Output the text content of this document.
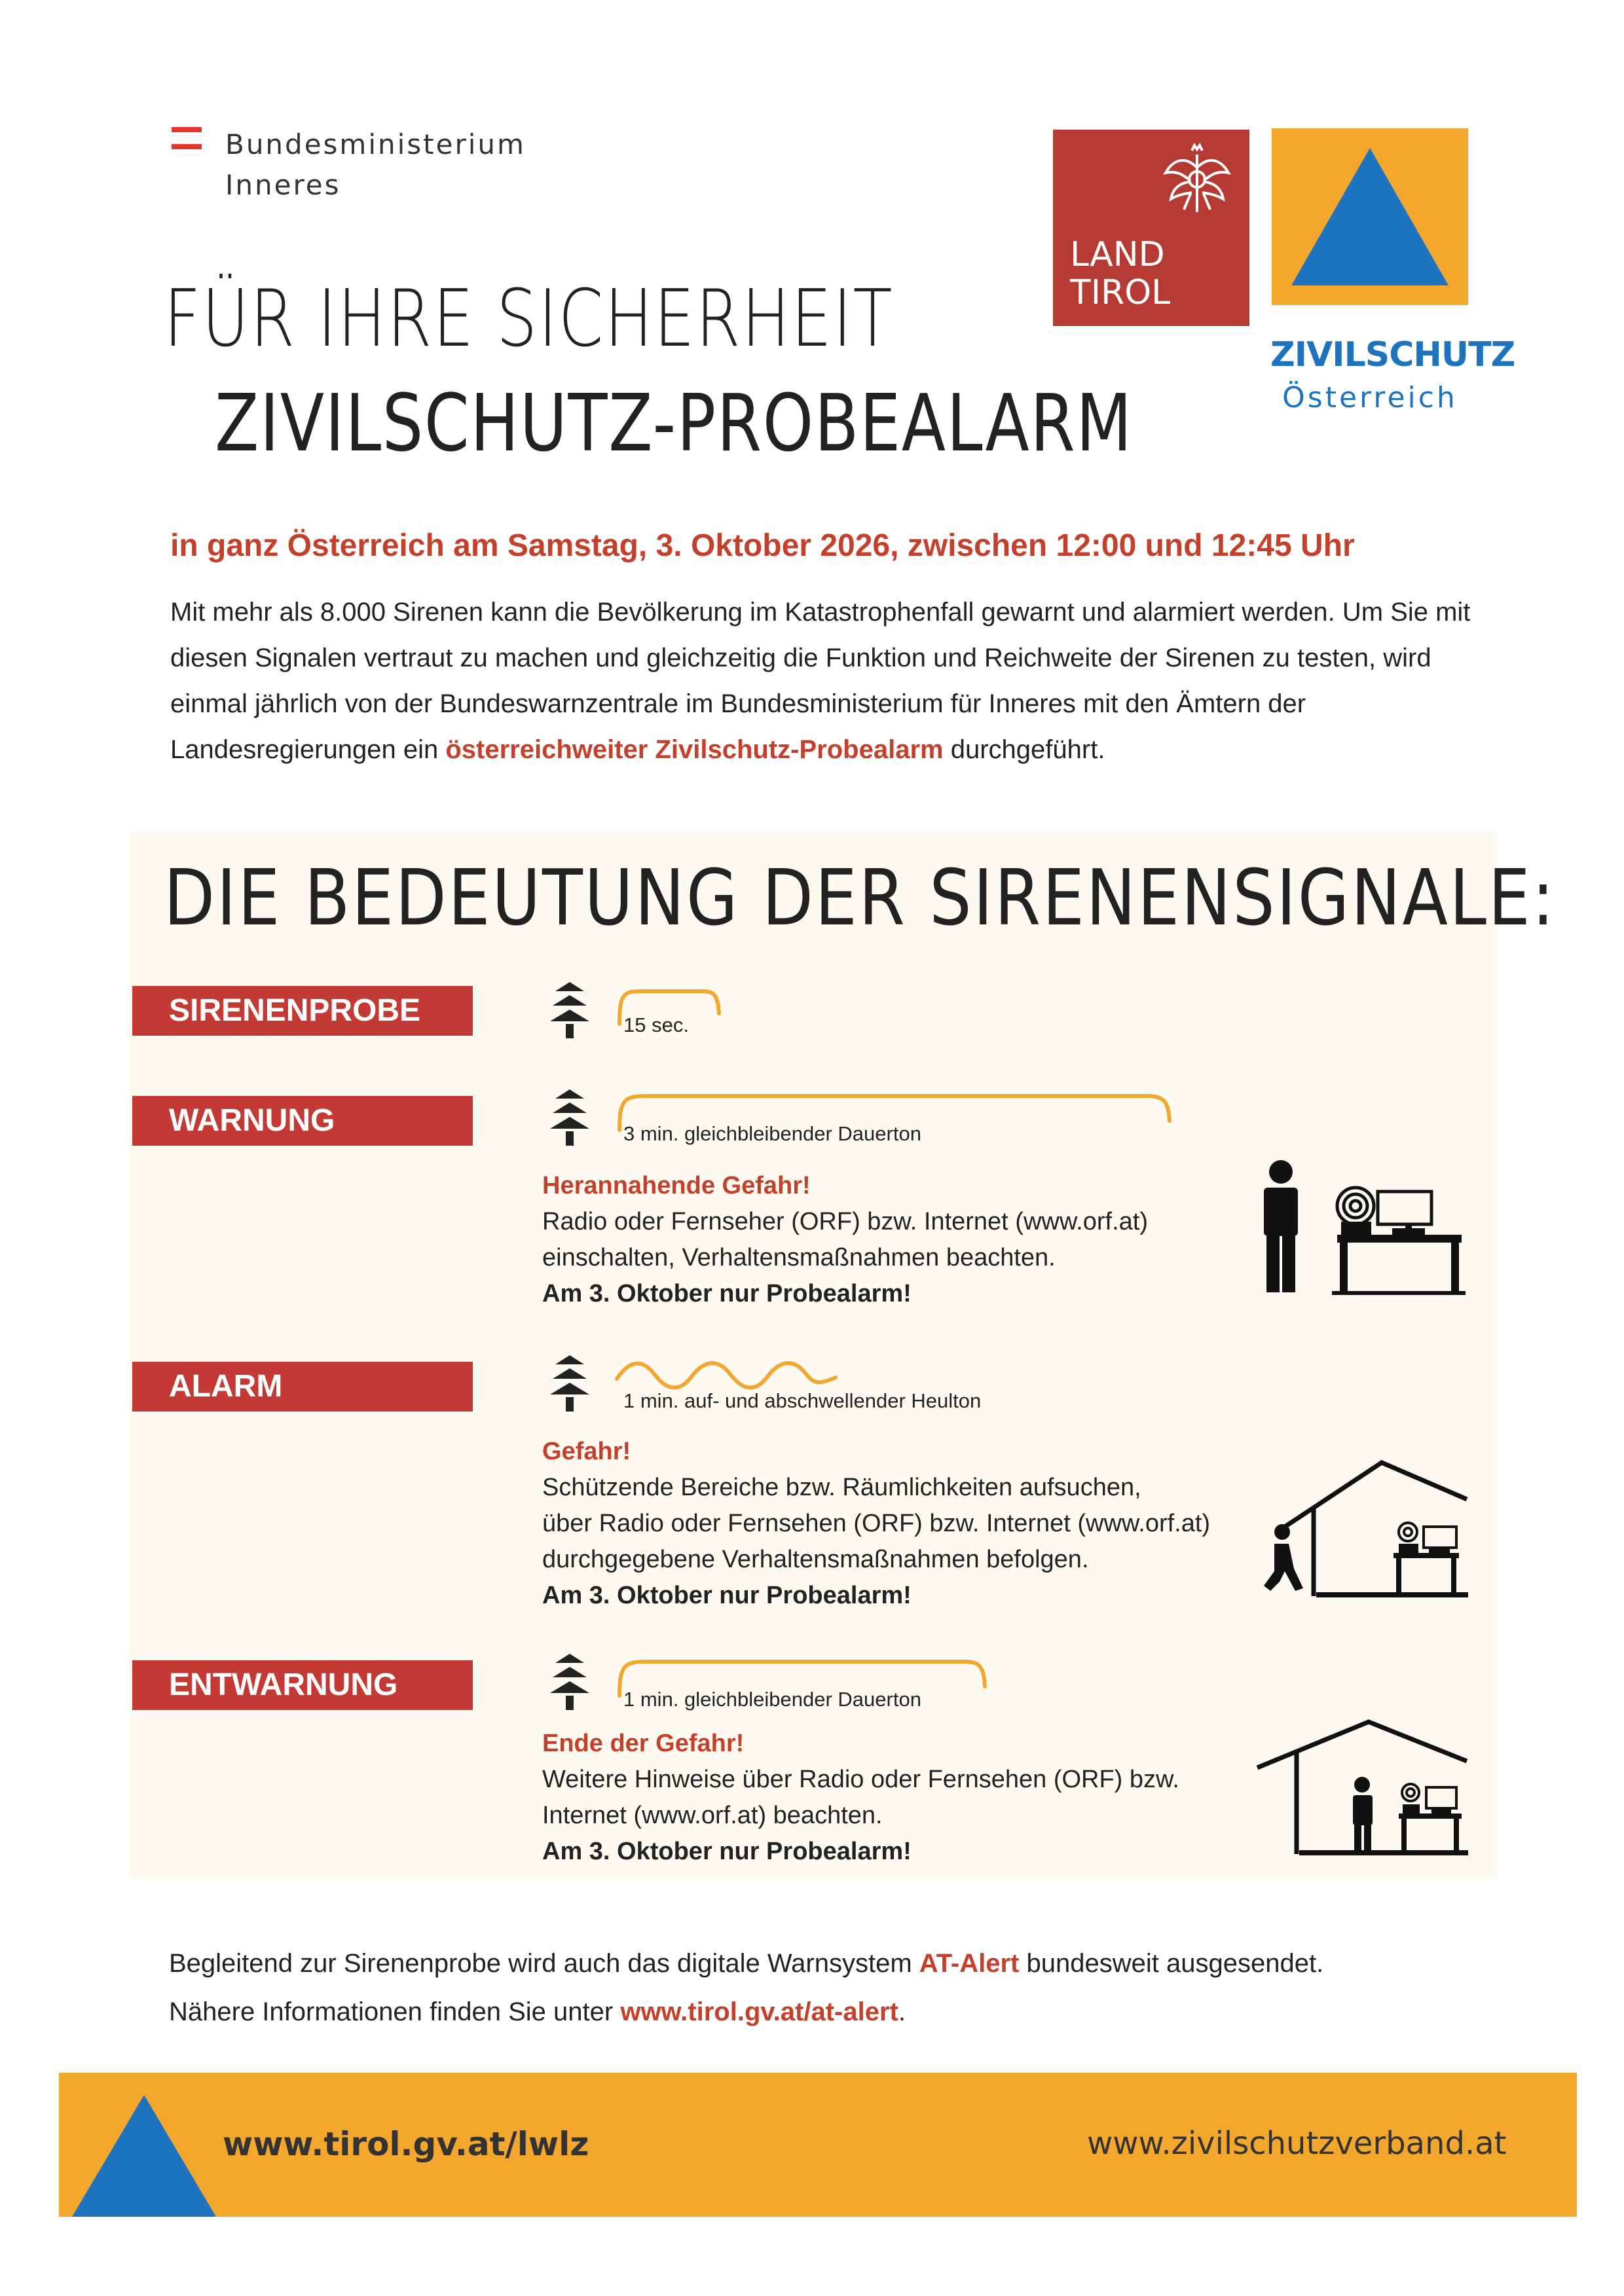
Bundesministerium
Inneres
LAND
TIROL
ZIVILSCHUTZ
Österreich
FÜR IHRE SICHERHEIT
ZIVILSCHUTZ-PROBEALARM
in ganz Österreich am Samstag, 3. Oktober 2026, zwischen 12:00 und 12:45 Uhr
Mit mehr als 8.000 Sirenen kann die Bevölkerung im Katastrophenfall gewarnt und alarmiert werden. Um Sie mit diesen Signalen vertraut zu machen und gleichzeitig die Funktion und Reichweite der Sirenen zu testen, wird einmal jährlich von der Bundeswarnzentrale im Bundesministerium für Inneres mit den Ämtern der Landesregierungen ein österreichweiter Zivilschutz-Probealarm durchgeführt.
DIE BEDEUTUNG DER SIRENENSIGNALE:
SIRENENPROBE	15 sec.
WARNUNG	3 min. gleichbleibender Dauerton
Herannahende Gefahr!
Radio oder Fernseher (ORF) bzw. Internet (www.orf.at)
einschalten, Verhaltensmaßnahmen beachten.
Am 3. Oktober nur Probealarm!
ALARM	1 min. auf- und abschwellender Heulton
Gefahr!
Schützende Bereiche bzw. Räumlichkeiten aufsuchen,
über Radio oder Fernsehen (ORF) bzw. Internet (www.orf.at)
durchgegebene Verhaltensmaßnahmen befolgen.
Am 3. Oktober nur Probealarm!
ENTWARNUNG	1 min. gleichbleibender Dauerton
Ende der Gefahr!
Weitere Hinweise über Radio oder Fernsehen (ORF) bzw.
Internet (www.orf.at) beachten.
Am 3. Oktober nur Probealarm!
Begleitend zur Sirenenprobe wird auch das digitale Warnsystem AT-Alert bundesweit ausgesendet.
Nähere Informationen finden Sie unter www.tirol.gv.at/at-alert.
www.tirol.gv.at/lwlz	www.zivilschutzverband.at
